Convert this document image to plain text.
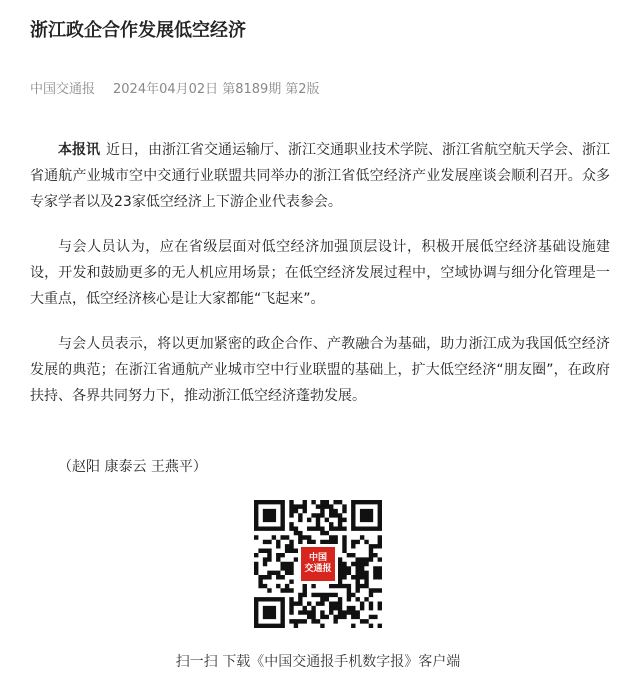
浙江政企合作发展低空经济
中国交通报 2024年04月02日 第8189期 第2版

本报讯 近日，由浙江省交通运输厅、浙江交通职业技术学院、浙江省航空航天学会、浙江省通航产业城市空中交通行业联盟共同举办的浙江省低空经济产业发展座谈会顺利召开。众多专家学者以及23家低空经济上下游企业代表参会。

与会人员认为，应在省级层面对低空经济加强顶层设计，积极开展低空经济基础设施建设，开发和鼓励更多的无人机应用场景；在低空经济发展过程中，空域协调与细分化管理是一大重点，低空经济核心是让大家都能“飞起来”。

与会人员表示，将以更加紧密的政企合作、产教融合为基础，助力浙江成为我国低空经济发展的典范；在浙江省通航产业城市空中行业联盟的基础上，扩大低空经济“朋友圈”，在政府扶持、各界共同努力下，推动浙江低空经济蓬勃发展。

（赵阳 康泰云 王燕平）
中国
交通报
扫一扫 下载《中国交通报手机数字报》客户端
